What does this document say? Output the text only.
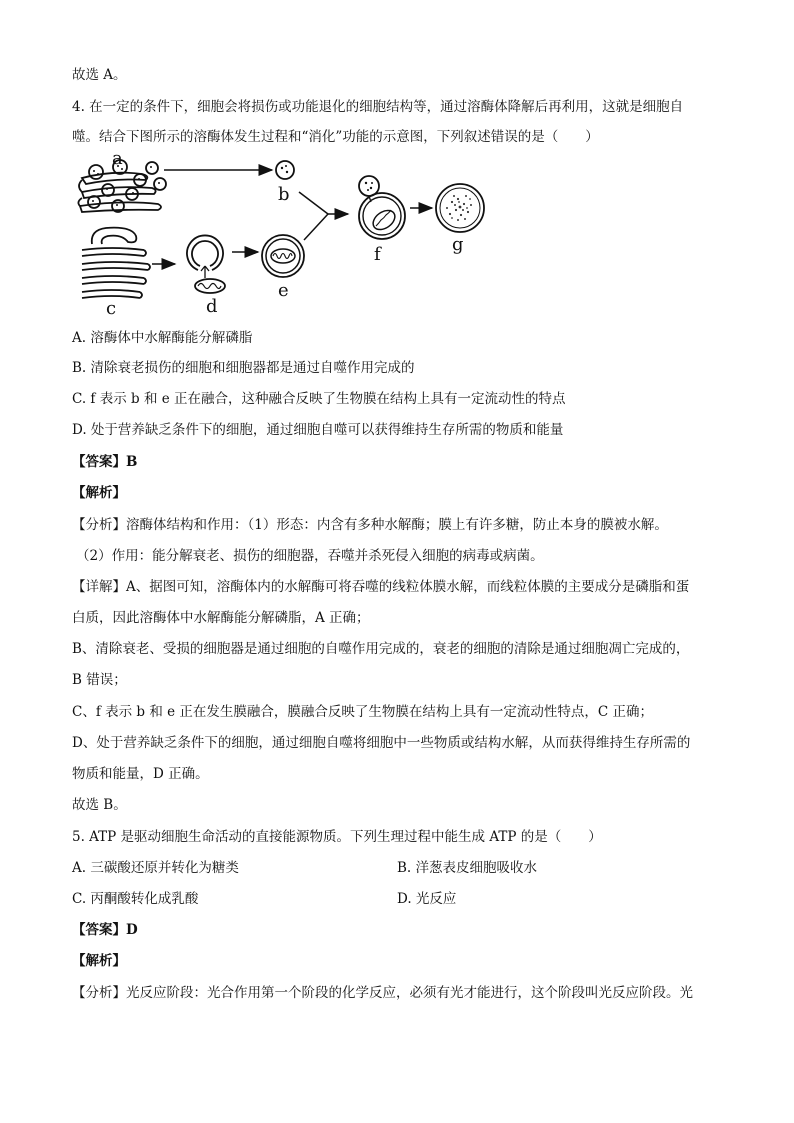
故选 A。
4. 在一定的条件下，细胞会将损伤或功能退化的细胞结构等，通过溶酶体降解后再利用，这就是细胞自
噬。结合下图所示的溶酶体发生过程和“消化”功能的示意图，下列叙述错误的是（　　）
a
b
c	d
e
f	g
A. 溶酶体中水解酶能分解磷脂
B. 清除衰老损伤的细胞和细胞器都是通过自噬作用完成的
C. f 表示 b 和 e 正在融合，这种融合反映了生物膜在结构上具有一定流动性的特点
D. 处于营养缺乏条件下的细胞，通过细胞自噬可以获得维持生存所需的物质和能量
【答案】B
【解析】
【分析】溶酶体结构和作用：（1）形态：内含有多种水解酶；膜上有许多糖，防止本身的膜被水解。
（2）作用：能分解衰老、损伤的细胞器，吞噬并杀死侵入细胞的病毒或病菌。
【详解】A、据图可知，溶酶体内的水解酶可将吞噬的线粒体膜水解，而线粒体膜的主要成分是磷脂和蛋
白质，因此溶酶体中水解酶能分解磷脂，A 正确；
B、清除衰老、受损的细胞器是通过细胞的自噬作用完成的，衰老的细胞的清除是通过细胞凋亡完成的，
B 错误；
C、f 表示 b 和 e 正在发生膜融合，膜融合反映了生物膜在结构上具有一定流动性特点，C 正确；
D、处于营养缺乏条件下的细胞，通过细胞自噬将细胞中一些物质或结构水解，从而获得维持生存所需的
物质和能量，D 正确。
故选 B。
5. ATP 是驱动细胞生命活动的直接能源物质。下列生理过程中能生成 ATP 的是（　　）
A. 三碳酸还原并转化为糖类	B. 洋葱表皮细胞吸收水
C. 丙酮酸转化成乳酸	D. 光反应
【答案】D
【解析】
【分析】光反应阶段：光合作用第一个阶段的化学反应，必须有光才能进行，这个阶段叫光反应阶段。光
